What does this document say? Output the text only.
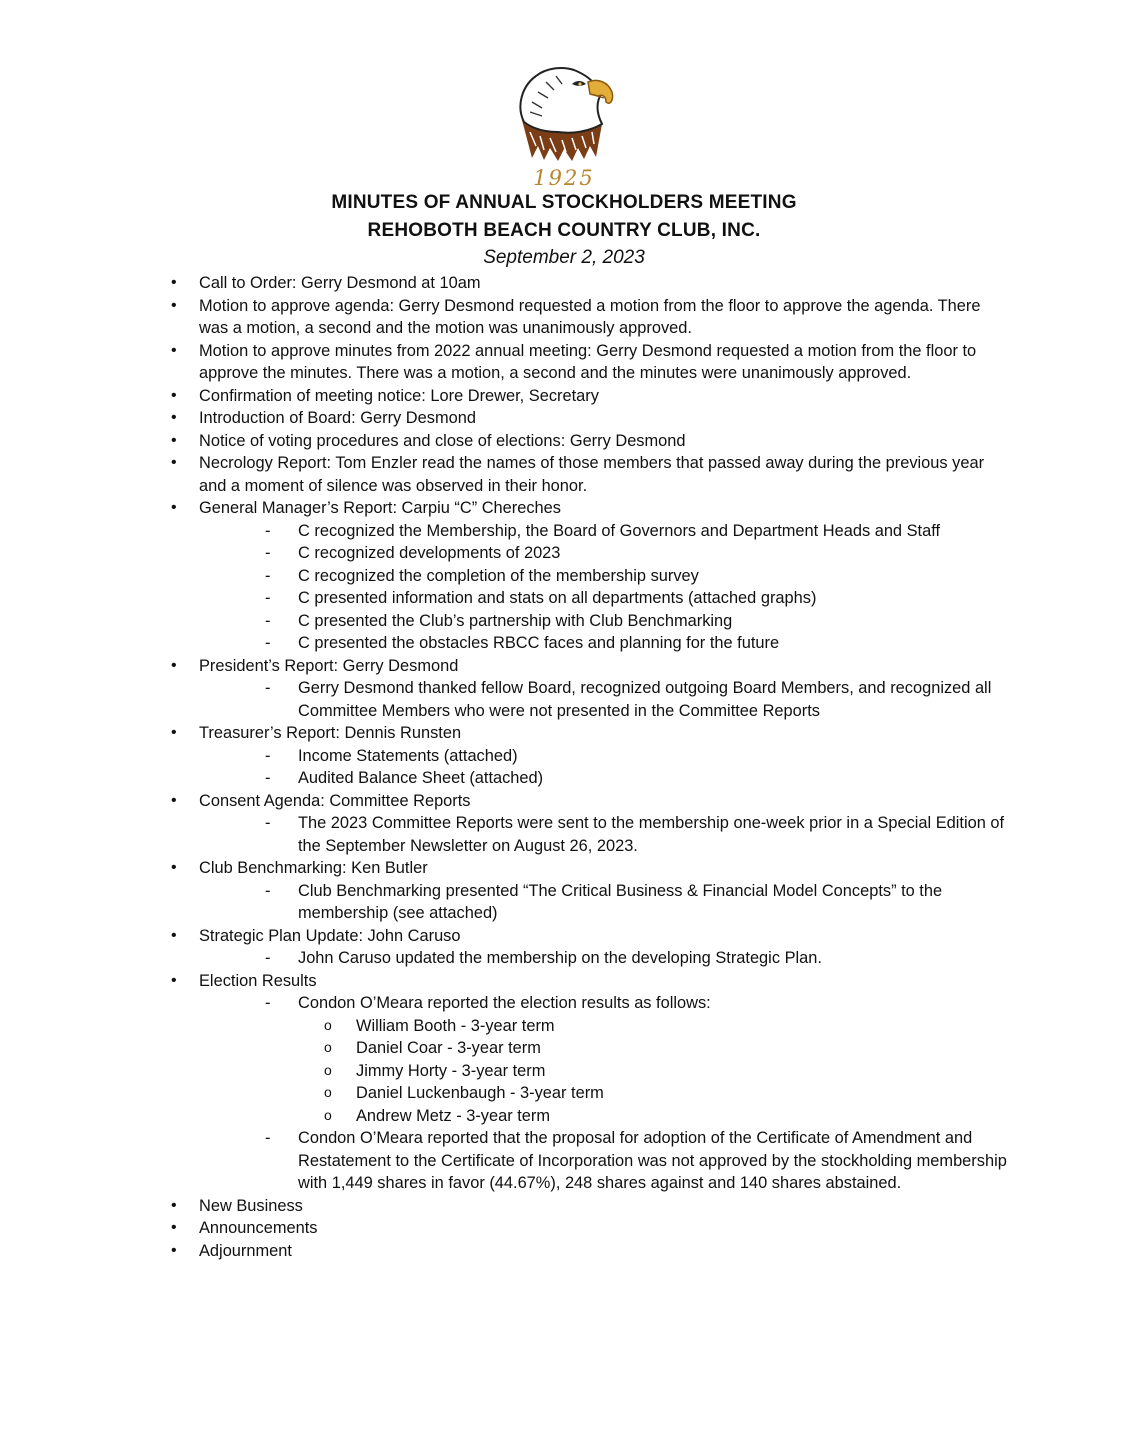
1925
MINUTES OF ANNUAL STOCKHOLDERS MEETING
REHOBOTH BEACH COUNTRY CLUB, INC.
September 2, 2023
• Call to Order: Gerry Desmond at 10am
• Motion to approve agenda: Gerry Desmond requested a motion from the floor to approve the agenda. There was a motion, a second and the motion was unanimously approved.
• Motion to approve minutes from 2022 annual meeting: Gerry Desmond requested a motion from the floor to approve the minutes. There was a motion, a second and the minutes were unanimously approved.
• Confirmation of meeting notice: Lore Drewer, Secretary
• Introduction of Board: Gerry Desmond
• Notice of voting procedures and close of elections: Gerry Desmond
• Necrology Report: Tom Enzler read the names of those members that passed away during the previous year and a moment of silence was observed in their honor.
• General Manager’s Report: Carpiu “C” Chereches
- C recognized the Membership, the Board of Governors and Department Heads and Staff
- C recognized developments of 2023
- C recognized the completion of the membership survey
- C presented information and stats on all departments (attached graphs)
- C presented the Club’s partnership with Club Benchmarking
- C presented the obstacles RBCC faces and planning for the future
• President’s Report: Gerry Desmond
- Gerry Desmond thanked fellow Board, recognized outgoing Board Members, and recognized all Committee Members who were not presented in the Committee Reports
• Treasurer’s Report: Dennis Runsten
- Income Statements (attached)
- Audited Balance Sheet (attached)
• Consent Agenda: Committee Reports
- The 2023 Committee Reports were sent to the membership one-week prior in a Special Edition of the September Newsletter on August 26, 2023.
• Club Benchmarking: Ken Butler
- Club Benchmarking presented “The Critical Business & Financial Model Concepts” to the membership (see attached)
• Strategic Plan Update: John Caruso
- John Caruso updated the membership on the developing Strategic Plan.
• Election Results
- Condon O’Meara reported the election results as follows:
o William Booth - 3-year term
o Daniel Coar - 3-year term
o Jimmy Horty - 3-year term
o Daniel Luckenbaugh - 3-year term
o Andrew Metz - 3-year term
- Condon O’Meara reported that the proposal for adoption of the Certificate of Amendment and Restatement to the Certificate of Incorporation was not approved by the stockholding membership with 1,449 shares in favor (44.67%), 248 shares against and 140 shares abstained.
• New Business
• Announcements
• Adjournment
